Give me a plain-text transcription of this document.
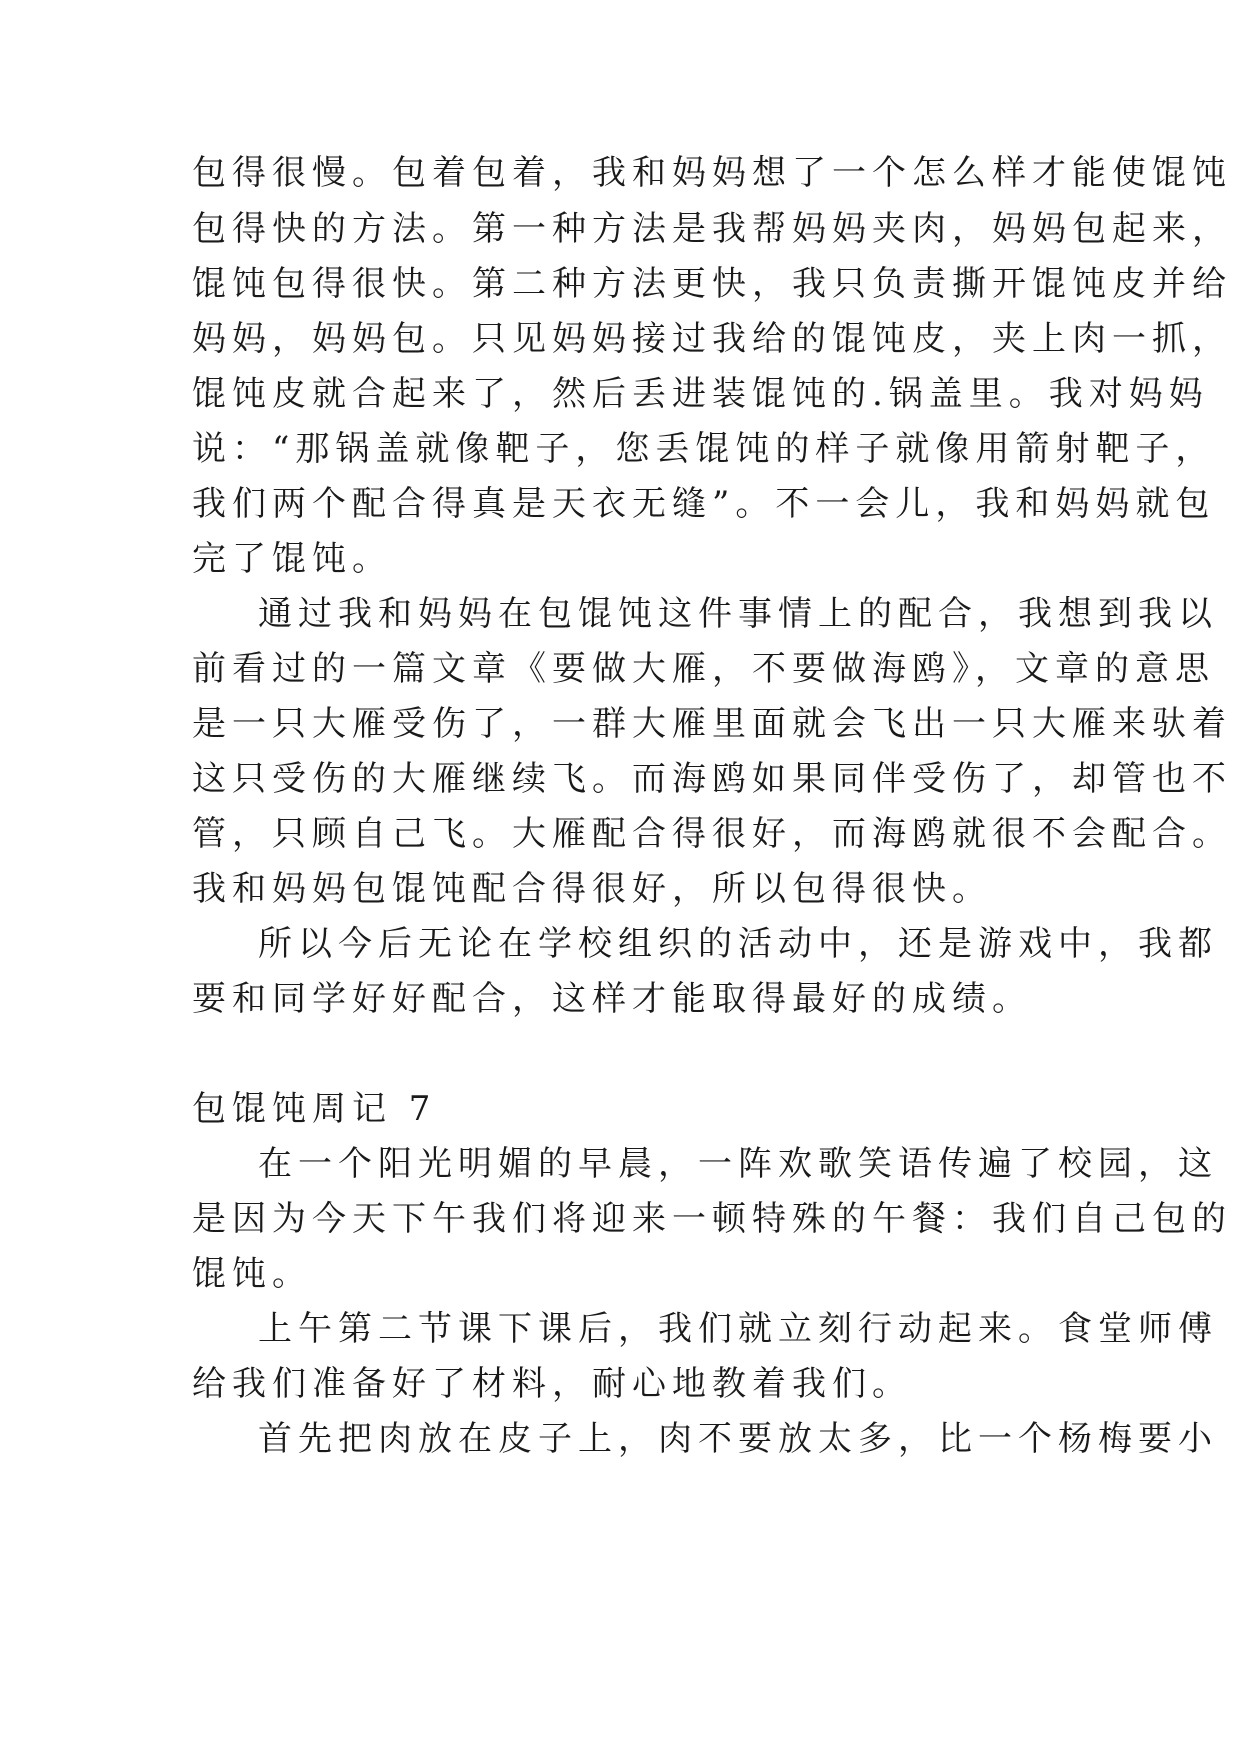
包得很慢。包着包着，我和妈妈想了一个怎么样才能使馄饨
包得快的方法。第一种方法是我帮妈妈夹肉，妈妈包起来，
馄饨包得很快。第二种方法更快，我只负责撕开馄饨皮并给
妈妈，妈妈包。只见妈妈接过我给的馄饨皮，夹上肉一抓，
馄饨皮就合起来了，然后丢进装馄饨的.锅盖里。我对妈妈
说：“那锅盖就像靶子，您丢馄饨的样子就像用箭射靶子，
我们两个配合得真是天衣无缝”。不一会儿，我和妈妈就包
完了馄饨。
通过我和妈妈在包馄饨这件事情上的配合，我想到我以
前看过的一篇文章《要做大雁，不要做海鸥》，文章的意思
是一只大雁受伤了，一群大雁里面就会飞出一只大雁来驮着
这只受伤的大雁继续飞。而海鸥如果同伴受伤了，却管也不
管，只顾自己飞。大雁配合得很好，而海鸥就很不会配合。
我和妈妈包馄饨配合得很好，所以包得很快。
所以今后无论在学校组织的活动中，还是游戏中，我都
要和同学好好配合，这样才能取得最好的成绩。
包馄饨周记 7
在一个阳光明媚的早晨，一阵欢歌笑语传遍了校园，这
是因为今天下午我们将迎来一顿特殊的午餐：我们自己包的
馄饨。
上午第二节课下课后，我们就立刻行动起来。食堂师傅
给我们准备好了材料，耐心地教着我们。
首先把肉放在皮子上，肉不要放太多，比一个杨梅要小
